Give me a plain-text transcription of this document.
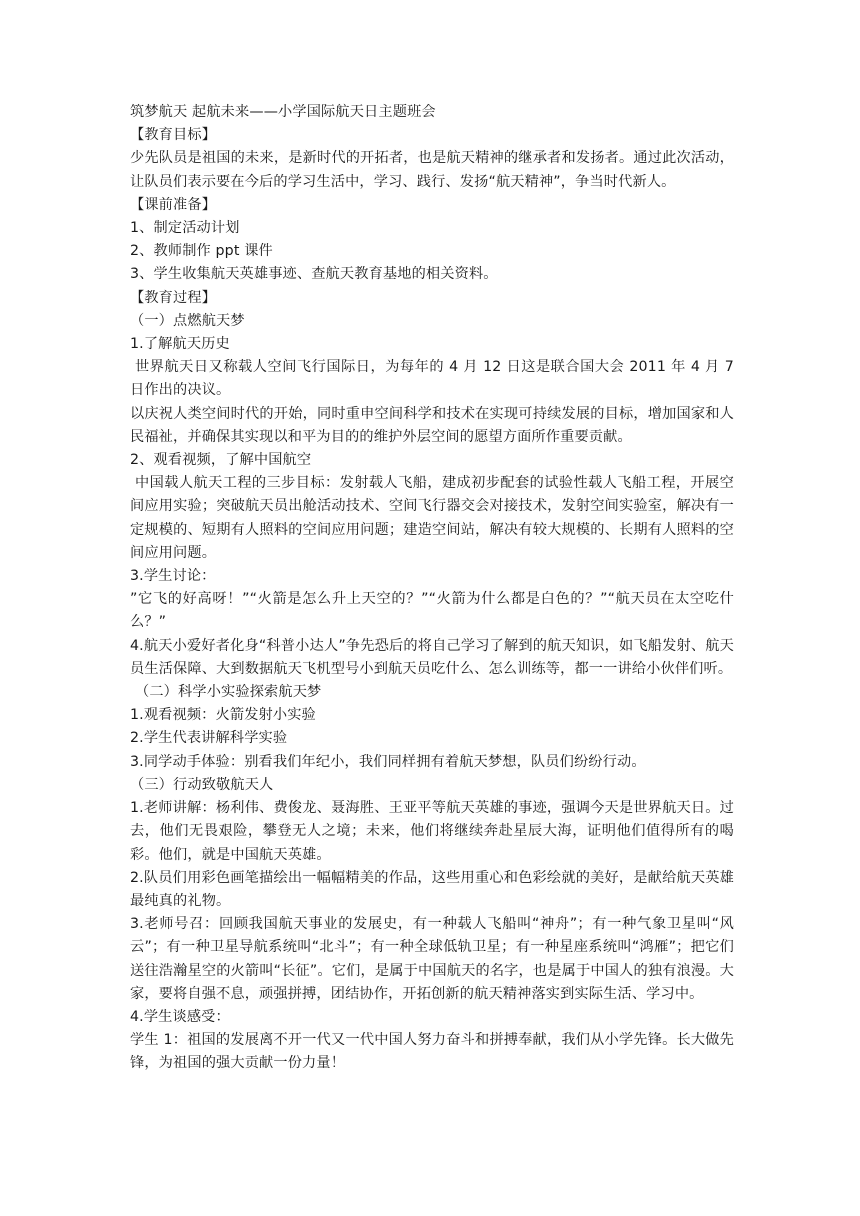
筑梦航天 起航未来——小学国际航天日主题班会

【教育目标】

少先队员是祖国的未来，是新时代的开拓者，也是航天精神的继承者和发扬者。通过此次活动，让队员们表示要在今后的学习生活中，学习、践行、发扬“航天精神”，争当时代新人。

【课前准备】

1、制定活动计划

2、教师制作 ppt 课件

3、学生收集航天英雄事迹、查航天教育基地的相关资料。

【教育过程】

（一）点燃航天梦

1.了解航天历史

世界航天日又称载人空间飞行国际日，为每年的 4 月 12 日这是联合国大会 2011 年 4 月 7 日作出的决议。

以庆祝人类空间时代的开始，同时重申空间科学和技术在实现可持续发展的目标，增加国家和人民福祉，并确保其实现以和平为目的的维护外层空间的愿望方面所作重要贡献。

2、观看视频，了解中国航空

中国载人航天工程的三步目标：发射载人飞船，建成初步配套的试验性载人飞船工程，开展空间应用实验；突破航天员出舱活动技术、空间飞行器交会对接技术，发射空间实验室，解决有一定规模的、短期有人照料的空间应用问题；建造空间站，解决有较大规模的、长期有人照料的空间应用问题。

3.学生讨论：

”它飞的好高呀！”“火箭是怎么升上天空的？”“火箭为什么都是白色的？”“航天员在太空吃什么？”

4.航天小爱好者化身“科普小达人”争先恐后的将自己学习了解到的航天知识，如飞船发射、航天员生活保障、大到数据航天飞机型号小到航天员吃什么、怎么训练等，都一一讲给小伙伴们听。

（二）科学小实验探索航天梦

1.观看视频：火箭发射小实验

2.学生代表讲解科学实验

3.同学动手体验：别看我们年纪小，我们同样拥有着航天梦想，队员们纷纷行动。

（三）行动致敬航天人

1.老师讲解：杨利伟、费俊龙、聂海胜、王亚平等航天英雄的事迹，强调今天是世界航天日。过去，他们无畏艰险，攀登无人之境；未来，他们将继续奔赴星辰大海，证明他们值得所有的喝彩。他们，就是中国航天英雄。

2.队员们用彩色画笔描绘出一幅幅精美的作品，这些用重心和色彩绘就的美好，是献给航天英雄最纯真的礼物。

3.老师号召：回顾我国航天事业的发展史，有一种载人飞船叫“神舟”；有一种气象卫星叫“风云”；有一种卫星导航系统叫“北斗”；有一种全球低轨卫星；有一种星座系统叫“鸿雁”；把它们送往浩瀚星空的火箭叫“长征”。它们，是属于中国航天的名字，也是属于中国人的独有浪漫。大家，要将自强不息，顽强拼搏，团结协作，开拓创新的航天精神落实到实际生活、学习中。

4.学生谈感受：

学生 1：祖国的发展离不开一代又一代中国人努力奋斗和拼搏奉献，我们从小学先锋。长大做先锋，为祖国的强大贡献一份力量！
